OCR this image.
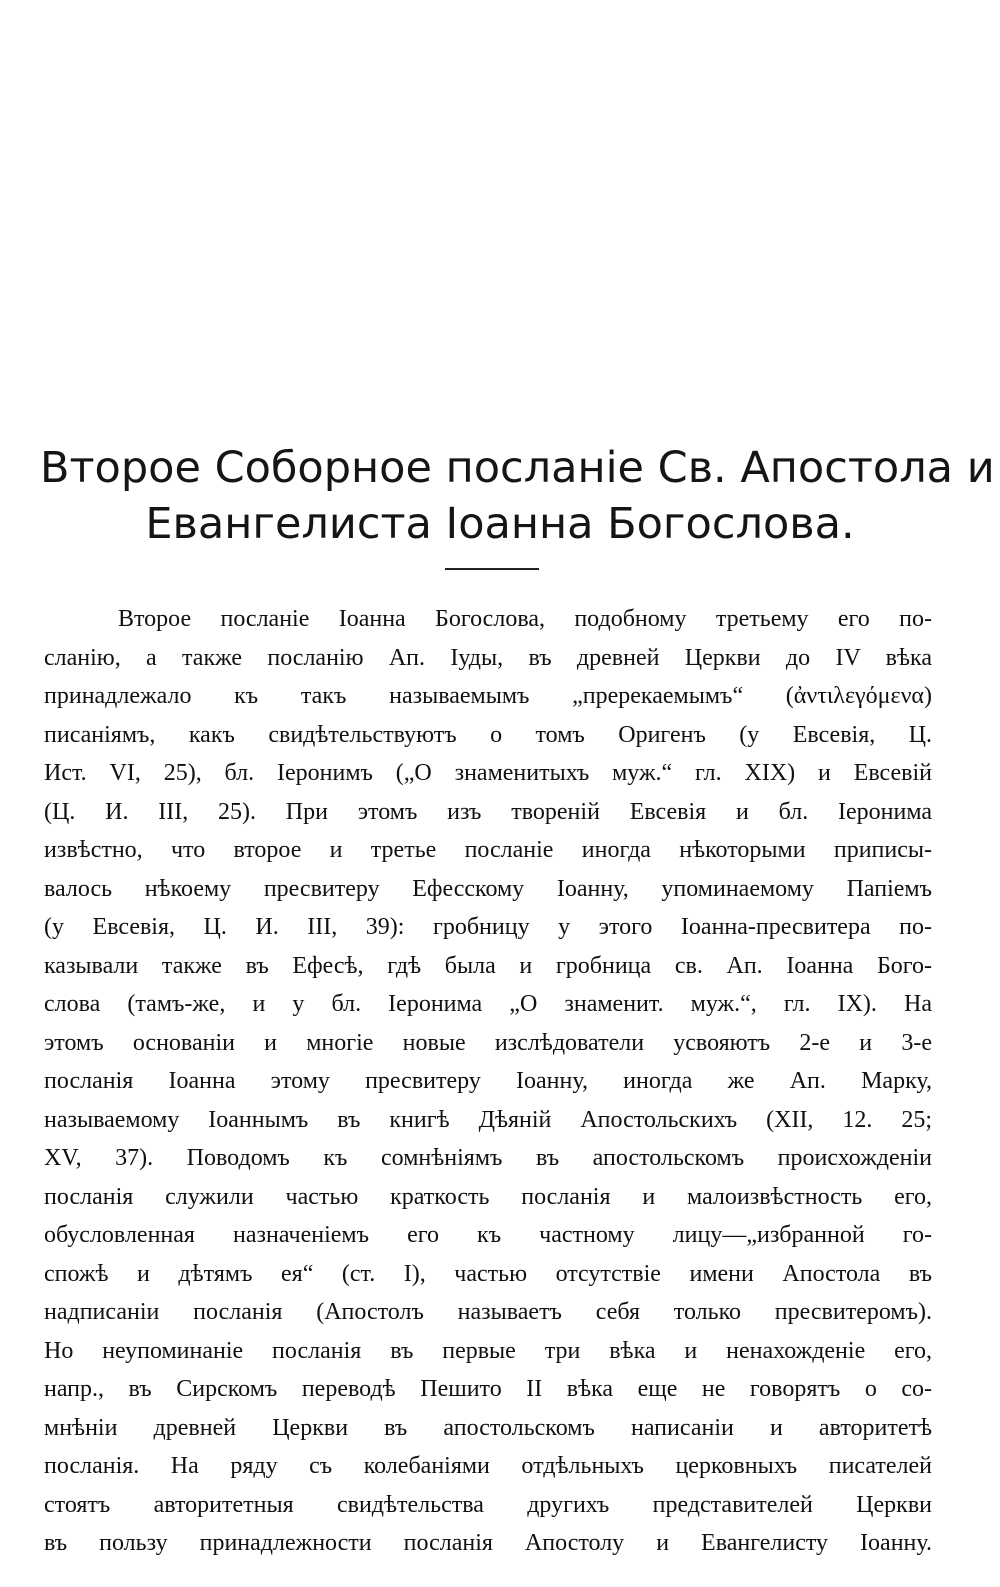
Второе Соборное посланіе Св. Апостола и
Евангелиста Іоанна Богослова.
Второе посланіе Іоанна Богослова, подобному третьему его по-
сланію, а также посланію Ап. Іуды, въ древней Церкви до IV вѣка
принадлежало къ такъ называемымъ „пререкаемымъ“ (ἀντιλεγόμενα)
писаніямъ, какъ свидѣтельствуютъ о томъ Оригенъ (у Евсевія, Ц.
Ист. VI, 25), бл. Іеронимъ („О знаменитыхъ муж.“ гл. XIX) и Евсевій
(Ц. И. III, 25). При этомъ изъ твореній Евсевія и бл. Іеронима
извѣстно, что второе и третье посланіе иногда нѣкоторыми приписы-
валось нѣкоему пресвитеру Ефесскому Іоанну, упоминаемому Папіемъ
(у Евсевія, Ц. И. III, 39): гробницу у этого Іоанна-пресвитера по-
казывали также въ Ефесѣ, гдѣ была и гробница св. Ап. Іоанна Бого-
слова (тамъ-же, и у бл. Іеронима „О знаменит. муж.“, гл. IX). На
этомъ основаніи и многіе новые изслѣдователи усвояютъ 2-е и 3-е
посланія Іоанна этому пресвитеру Іоанну, иногда же Ап. Марку,
называемому Іоаннымъ въ книгѣ Дѣяній Апостольскихъ (XII, 12. 25;
XV, 37). Поводомъ къ сомнѣніямъ въ апостольскомъ происхожденіи
посланія служили частью краткость посланія и малоизвѣстность его,
обусловленная назначеніемъ его къ частному лицу—„избранной го-
спожѣ и дѣтямъ ея“ (ст. I), частью отсутствіе имени Апостола въ
надписаніи посланія (Апостолъ называетъ себя только пресвитеромъ).
Но неупоминаніе посланія въ первые три вѣка и ненахожденіе его,
напр., въ Сирскомъ переводѣ Пешито II вѣка еще не говорятъ о со-
мнѣніи древней Церкви въ апостольскомъ написаніи и авторитетѣ
посланія. На ряду съ колебаніями отдѣльныхъ церковныхъ писателей
стоятъ авторитетныя свидѣтельства другихъ представителей Церкви
въ пользу принадлежности посланія Апостолу и Евангелисту Іоанну.
